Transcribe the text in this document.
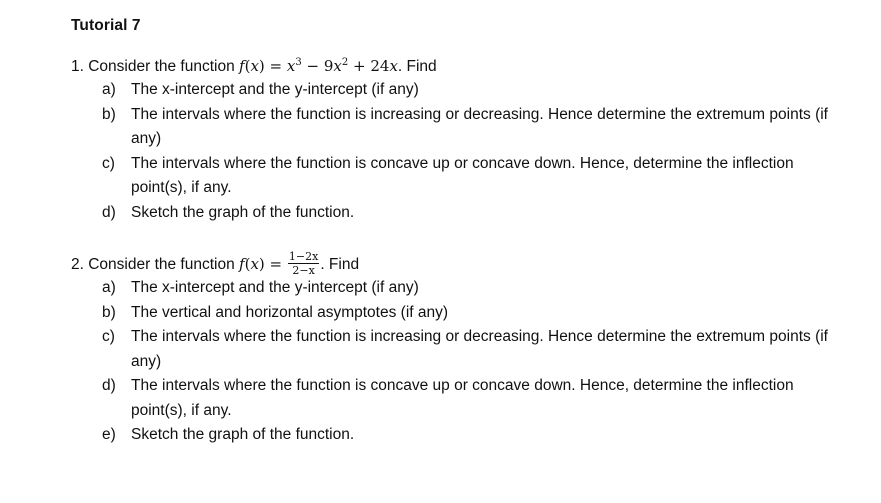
Tutorial 7
1. Consider the function $f(x) = x^3 - 9x^2 + 24x$. Find
a) The x-intercept and the y-intercept (if any)
b) The intervals where the function is increasing or decreasing. Hence determine the extremum points (if any)
c)	The intervals where the function is concave up or concave down. Hence, determine the inflection point(s), if any.
d) Sketch the graph of the function.
2. Consider the function $f(x) = \frac{1-2x}{2-x}$ . Find
a) The x-intercept and the y-intercept (if any)
b) The vertical and horizontal asymptotes (if any)
c)	The intervals where the function is increasing or decreasing. Hence determine the extremum points (if any)
d) The intervals where the function is concave up or concave down. Hence, determine the inflection point(s), if any.
e) Sketch the graph of the function.
